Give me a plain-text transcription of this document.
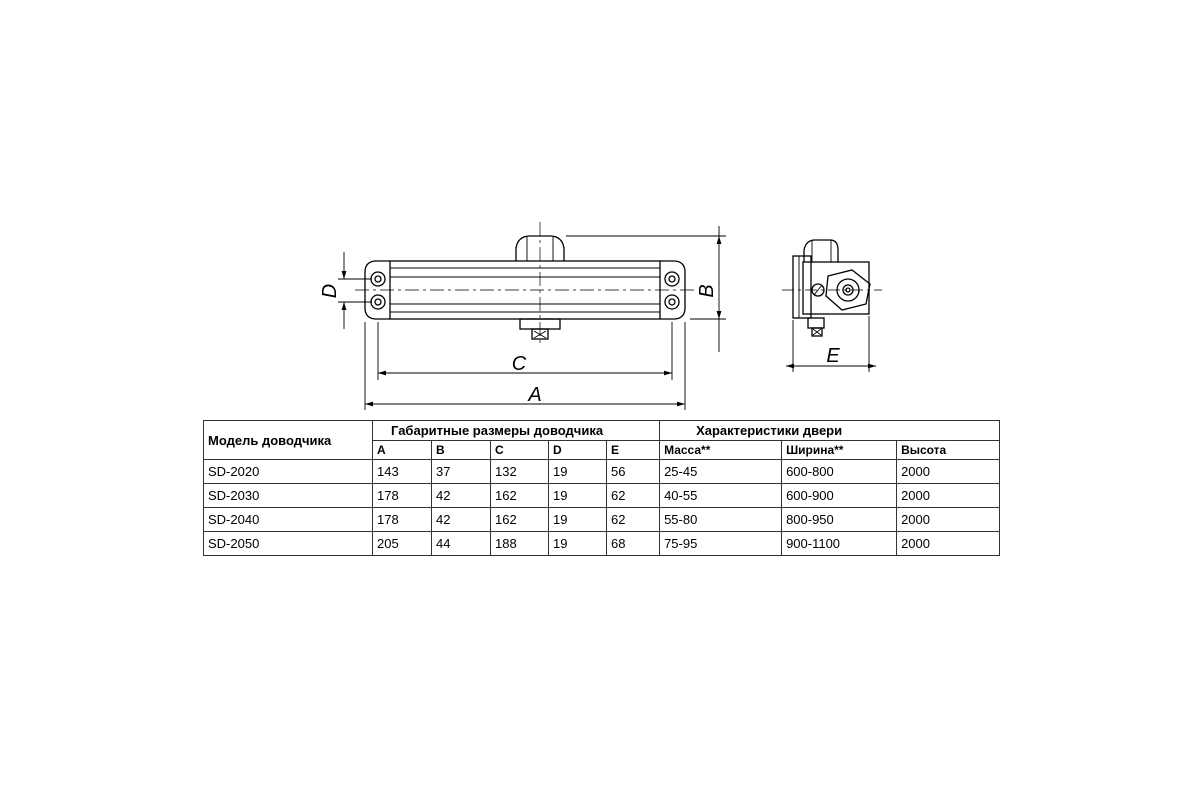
D	B
C
A
E
Модель доводчика	Габаритные размеры доводчика					Характеристики двери		
	A	B	C	D	E	Масса**	Ширина**	Высота
SD-2020	143	37	132	19	56	25-45	600-800	2000
SD-2030	178	42	162	19	62	40-55	600-900	2000
SD-2040	178	42	162	19	62	55-80	800-950	2000
SD-2050	205	44	188	19	68	75-95	900-1100	2000
